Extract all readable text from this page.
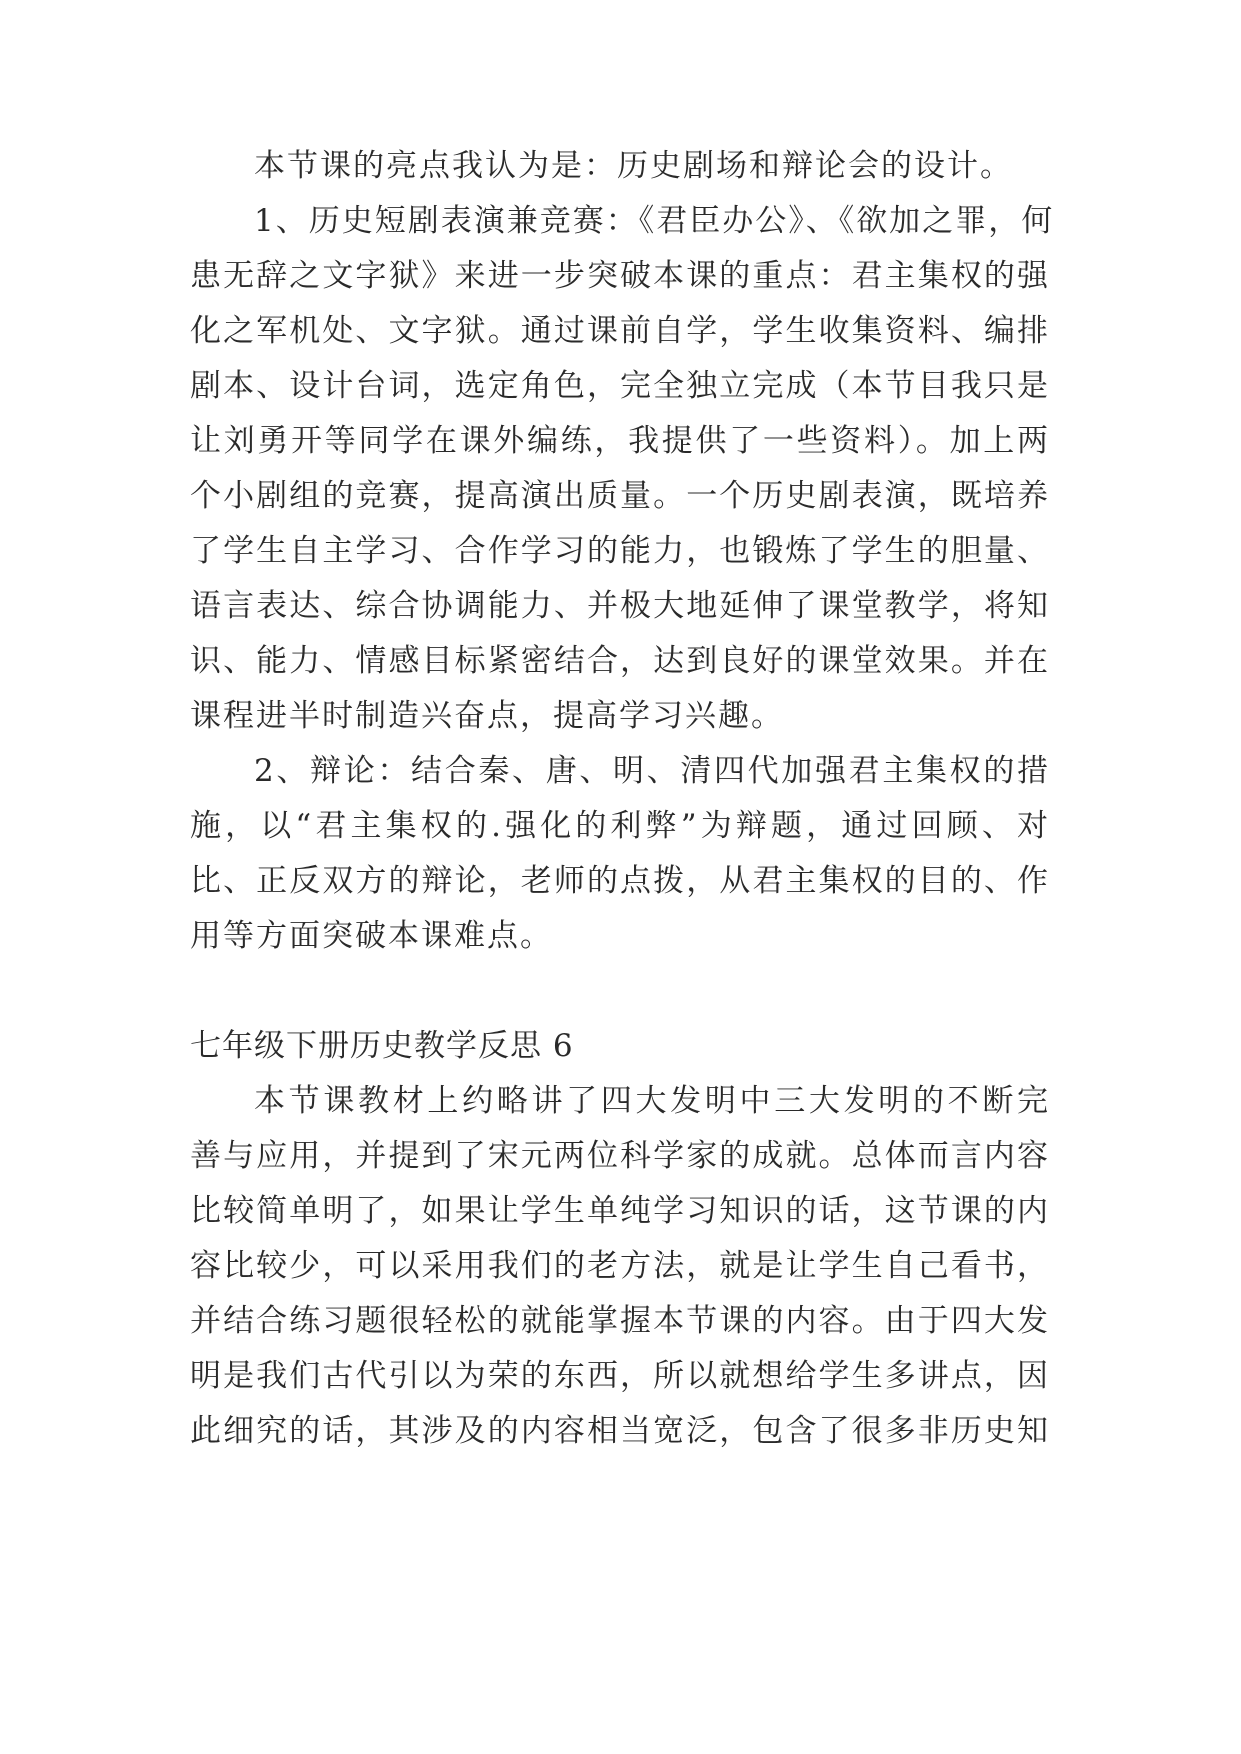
本节课的亮点我认为是：历史剧场和辩论会的设计。
1、历史短剧表演兼竞赛：《君臣办公》、《欲加之罪，何
患无辞之文字狱》来进一步突破本课的重点：君主集权的强
化之军机处、文字狱。通过课前自学，学生收集资料、编排
剧本、设计台词，选定角色，完全独立完成（本节目我只是
让刘勇开等同学在课外编练，我提供了一些资料）。加上两
个小剧组的竞赛，提高演出质量。一个历史剧表演，既培养
了学生自主学习、合作学习的能力，也锻炼了学生的胆量、
语言表达、综合协调能力、并极大地延伸了课堂教学，将知
识、能力、情感目标紧密结合，达到良好的课堂效果。并在
课程进半时制造兴奋点，提高学习兴趣。
2、辩论：结合秦、唐、明、清四代加强君主集权的措
施，以“君主集权的.强化的利弊”为辩题，通过回顾、对
比、正反双方的辩论，老师的点拨，从君主集权的目的、作
用等方面突破本课难点。
七年级下册历史教学反思 6
本节课教材上约略讲了四大发明中三大发明的不断完
善与应用，并提到了宋元两位科学家的成就。总体而言内容
比较简单明了，如果让学生单纯学习知识的话，这节课的内
容比较少，可以采用我们的老方法，就是让学生自己看书，
并结合练习题很轻松的就能掌握本节课的内容。由于四大发
明是我们古代引以为荣的东西，所以就想给学生多讲点，因
此细究的话，其涉及的内容相当宽泛，包含了很多非历史知
